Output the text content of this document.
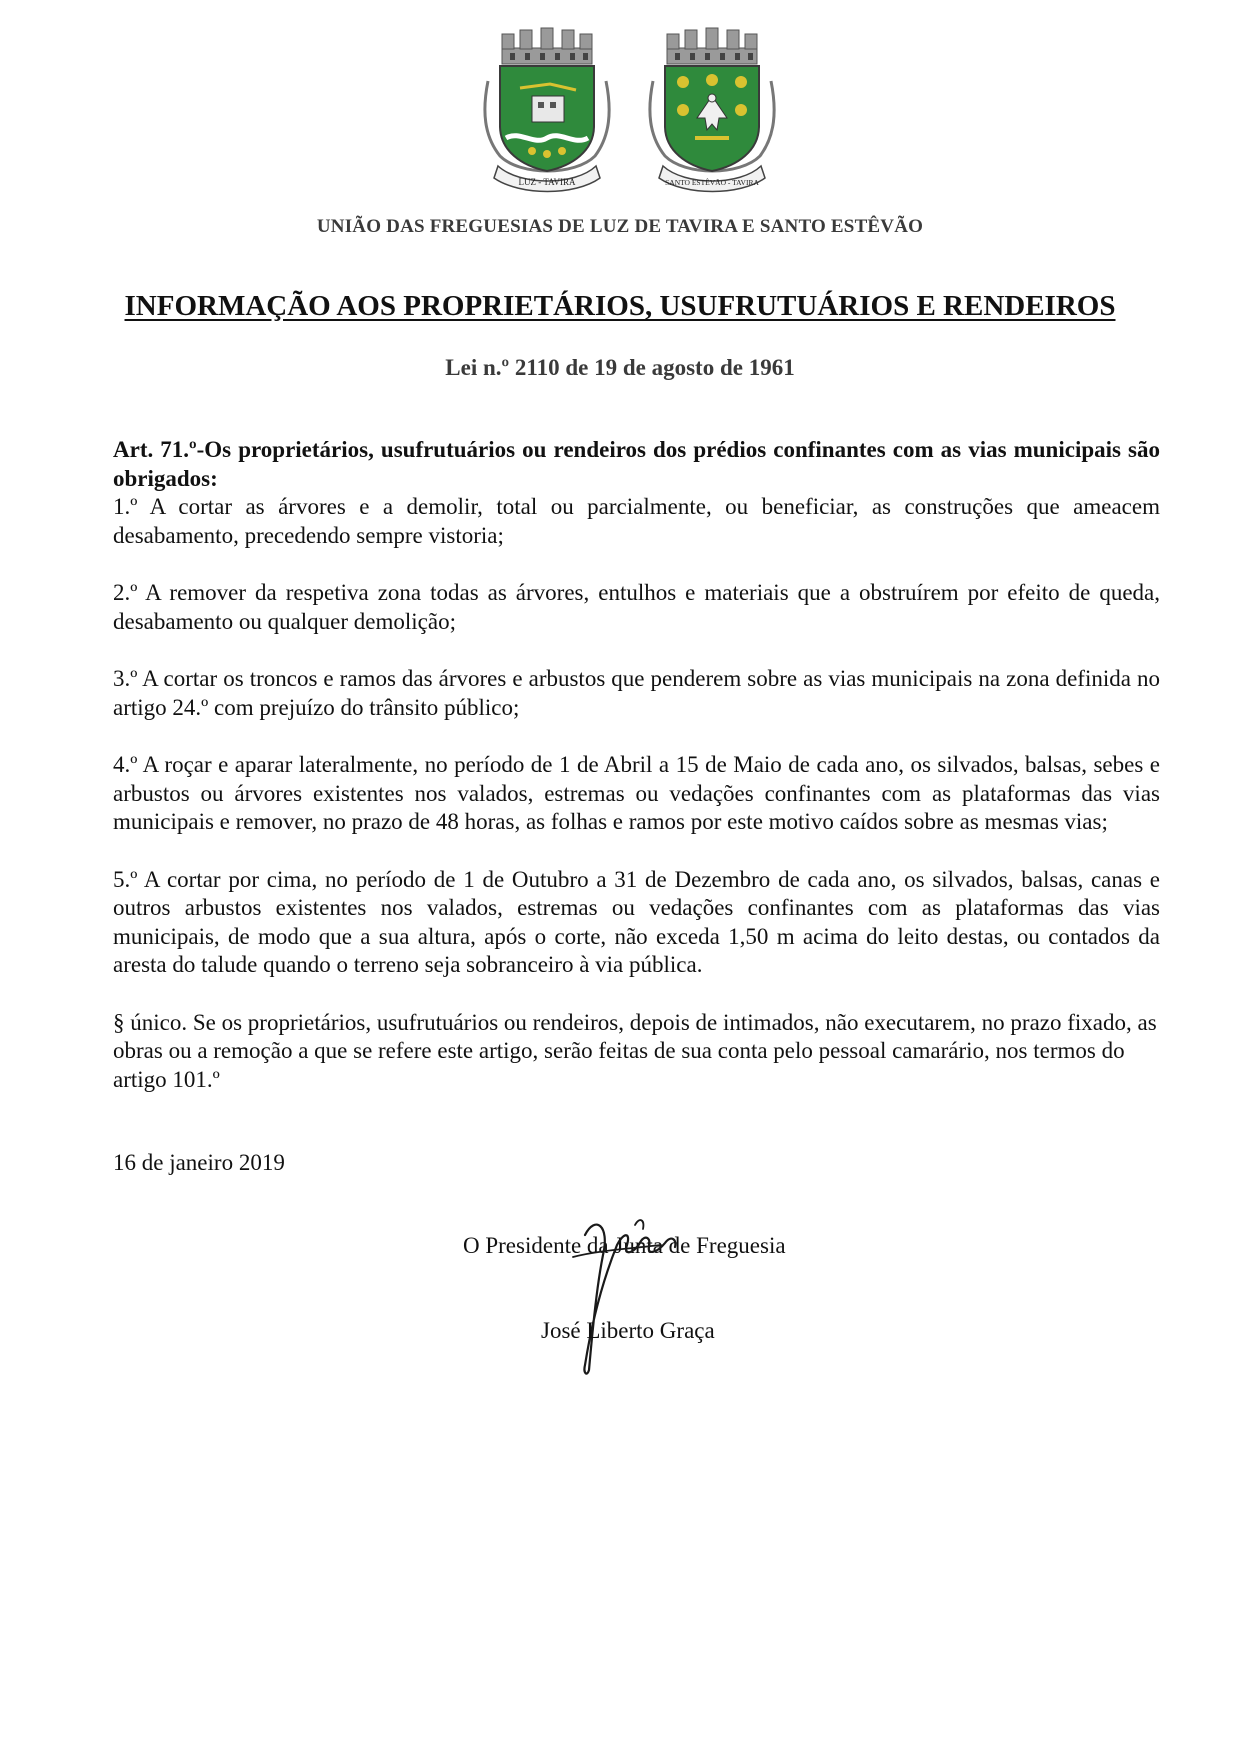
LUZ - TAVIRA	SANTO ESTÊVÃO - TAVIRA
UNIÃO DAS FREGUESIAS DE LUZ DE TAVIRA E SANTO ESTÊVÃO
INFORMAÇÃO AOS PROPRIETÁRIOS, USUFRUTUÁRIOS E RENDEIROS
Lei n.º 2110 de 19 de agosto de 1961

Art. 71.º-Os proprietários, usufrutuários ou rendeiros dos prédios confinantes com as vias municipais são obrigados:

1.º A cortar as árvores e a demolir, total ou parcialmente, ou beneficiar, as construções que ameacem desabamento, precedendo sempre vistoria;

2.º A remover da respetiva zona todas as árvores, entulhos e materiais que a obstruírem por efeito de queda, desabamento ou qualquer demolição;

3.º A cortar os troncos e ramos das árvores e arbustos que penderem sobre as vias municipais na zona definida no artigo 24.º com prejuízo do trânsito público;

4.º A roçar e aparar lateralmente, no período de 1 de Abril a 15 de Maio de cada ano, os silvados, balsas, sebes e arbustos ou árvores existentes nos valados, estremas ou vedações confinantes com as plataformas das vias municipais e remover, no prazo de 48 horas, as folhas e ramos por este motivo caídos sobre as mesmas vias;

5.º A cortar por cima, no período de 1 de Outubro a 31 de Dezembro de cada ano, os silvados, balsas, canas e outros arbustos existentes nos valados, estremas ou vedações confinantes com as plataformas das vias municipais, de modo que a sua altura, após o corte, não exceda 1,50 m acima do leito destas, ou contados da aresta do talude quando o terreno seja sobranceiro à via pública.

§ único. Se os proprietários, usufrutuários ou rendeiros, depois de intimados, não executarem, no prazo fixado, as obras ou a remoção a que se refere este artigo, serão feitas de sua conta pelo pessoal camarário, nos termos do artigo 101.º

16 de janeiro 2019
O Presidente da Junta de Freguesia
José Liberto Graça
